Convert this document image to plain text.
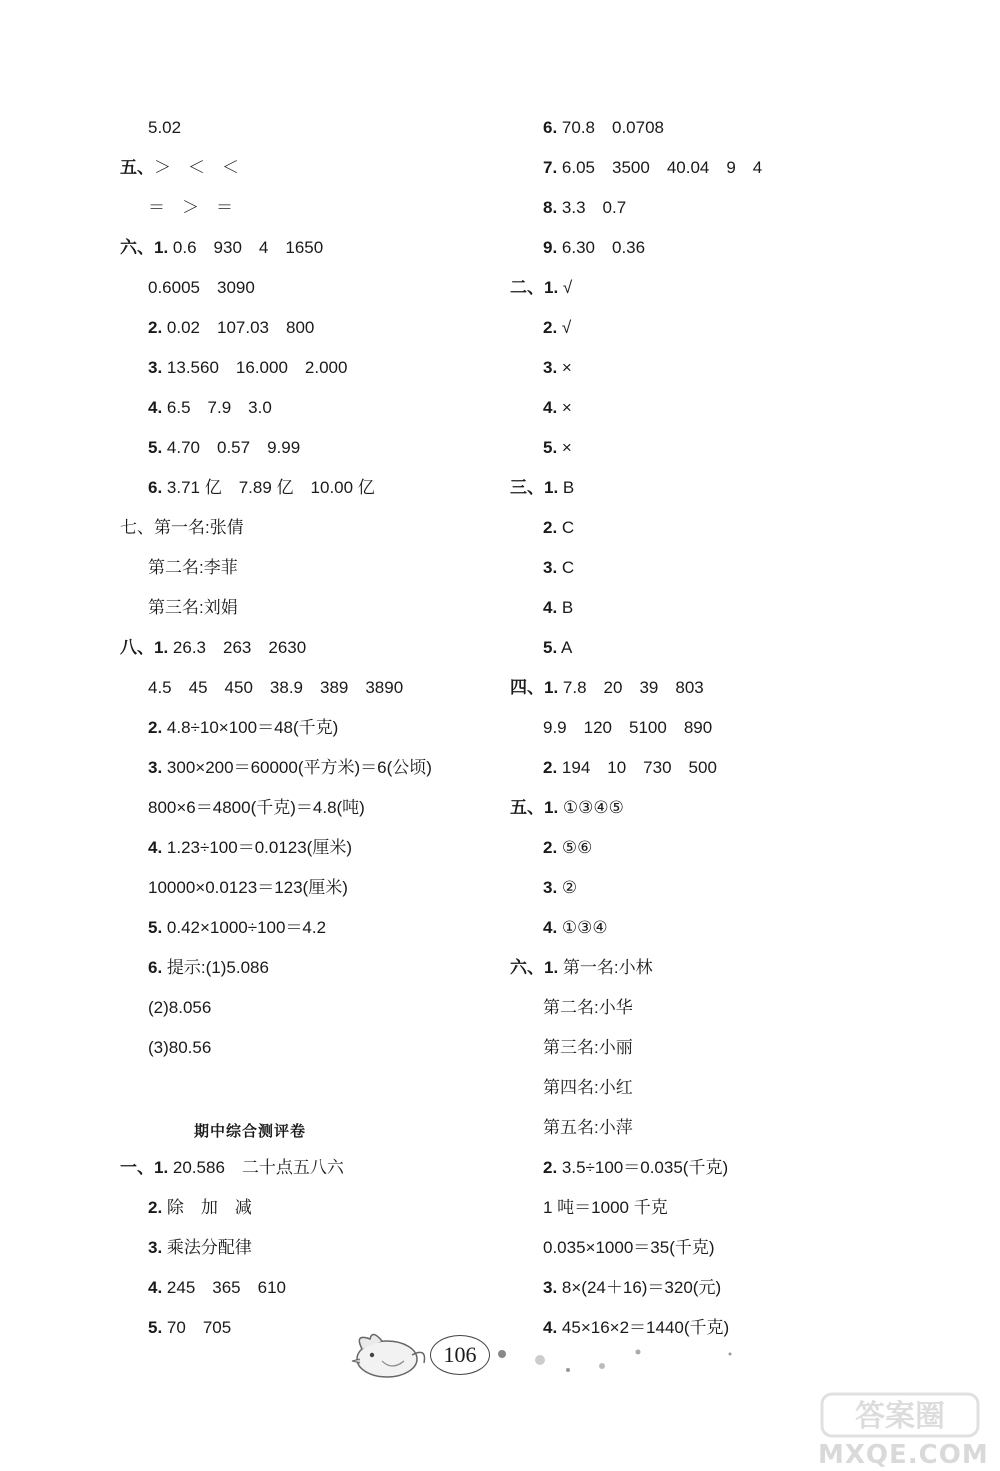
5.02
五、＞　＜　＜
＝　＞　＝
六、1. 0.6　930　4　1650
0.6005　3090
2. 0.02　107.03　800
3. 13.560　16.000　2.000
4. 6.5　7.9　3.0
5. 4.70　0.57　9.99
6. 3.71 亿　7.89 亿　10.00 亿
七、第一名:张倩
第二名:李菲
第三名:刘娟
八、1. 26.3　263　2630
4.5　45　450　38.9　389　3890
2. 4.8÷10×100＝48(千克)
3. 300×200＝60000(平方米)＝6(公顷)
800×6＝4800(千克)＝4.8(吨)
4. 1.23÷100＝0.0123(厘米)
10000×0.0123＝123(厘米)
5. 0.42×1000÷100＝4.2
6. 提示:(1)5.086
(2)8.056
(3)80.56
期中综合测评卷
一、1. 20.586　二十点五八六
2. 除　加　减
3. 乘法分配律
4. 245　365　610
5. 70　705
6. 70.8　0.0708
7. 6.05　3500　40.04　9　4
8. 3.3　0.7
9. 6.30　0.36
二、1. √
2. √
3. ×
4. ×
5. ×
三、1. B
2. C
3. C
4. B
5. A
四、1. 7.8　20　39　803
9.9　120　5100　890
2. 194　10　730　500
五、1. ①③④⑤
2. ⑤⑥
3. ②
4. ①③④
六、1. 第一名:小林
第二名:小华
第三名:小丽
第四名:小红
第五名:小萍
2. 3.5÷100＝0.035(千克)
1 吨＝1000 千克
0.035×1000＝35(千克)
3. 8×(24＋16)＝320(元)
4. 45×16×2＝1440(千克)
106
答案圈
MXQE.COM
